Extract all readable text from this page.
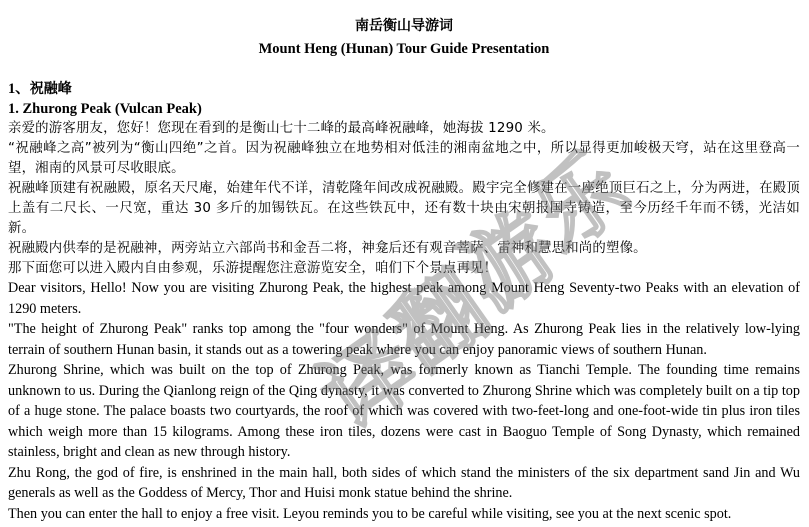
南岳衡山导游词
Mount Heng (Hunan) Tour Guide Presentation
1、祝融峰
1. Zhurong Peak (Vulcan Peak)

亲爱的游客朋友，您好！您现在看到的是衡山七十二峰的最高峰祝融峰，她海拔 1290 米。

“祝融峰之高”被列为“衡山四绝”之首。因为祝融峰独立在地势相对低洼的湘南盆地之中，所以显得更加峻极天穹，站在这里登高一望，湘南的风景可尽收眼底。

祝融峰顶建有祝融殿，原名天尺庵，始建年代不详，清乾隆年间改成祝融殿。殿宇完全修建在一座绝顶巨石之上，分为两进，在殿顶上盖有二尺长、一尺宽，重达 30 多斤的加锡铁瓦。在这些铁瓦中，还有数十块由宋朝报国寺铸造，至今历经千年而不锈，光洁如新。

祝融殿内供奉的是祝融神，两旁站立六部尚书和金吾二将，神龛后还有观音菩萨、雷神和慧思和尚的塑像。

那下面您可以进入殿内自由参观，乐游提醒您注意游览安全，咱们下个景点再见！

Dear visitors, Hello! Now you are visiting Zhurong Peak, the highest peak among Mount Heng Seventy-two Peaks with an elevation of 1290 meters.

"The height of Zhurong Peak" ranks top among the "four wonders" of Mount Heng. As Zhurong Peak lies in the relatively low-lying terrain of southern Hunan basin, it stands out as a towering peak where you can enjoy panoramic views of southern Hunan.

Zhurong Shrine, which was built on the top of Zhurong Peak, was formerly known as Tianchi Temple. The founding time remains unknown to us. During the Qianlong reign of the Qing dynasty, it was converted to Zhurong Shrine which was completely built on a tip top of a huge stone. The palace boasts two courtyards, the roof of which was covered with two-feet-long and one-foot-wide tin plus iron tiles which weigh more than 15 kilograms. Among these iron tiles, dozens were cast in Baoguo Temple of Song Dynasty, which remained stainless, bright and clean as new through history.

Zhu Rong, the god of fire, is enshrined in the main hall, both sides of which stand the ministers of the six department sand Jin and Wu generals as well as the Goddess of Mercy, Thor and Huisi monk statue behind the shrine.

Then you can enter the hall to enjoy a free visit. Leyou reminds you to be careful while visiting, see you at the next scenic spot.

乐
游
翻
译
